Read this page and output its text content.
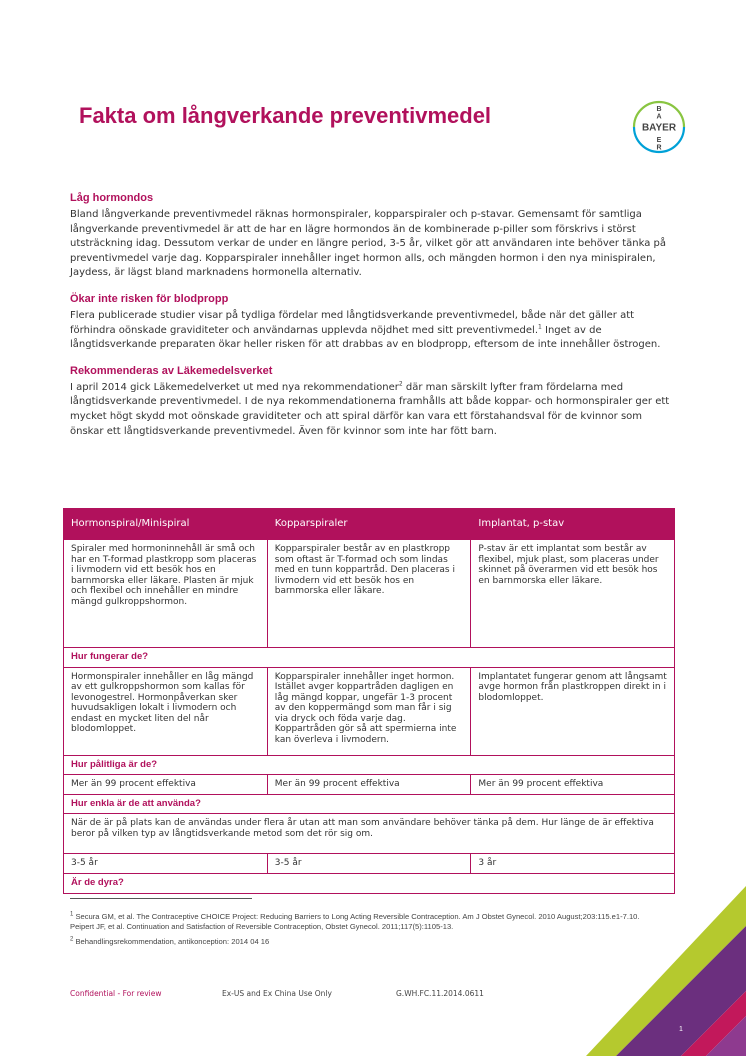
Fakta om långverkande preventivmedel	BAYER
B
A
E
R
Låg hormondos

Bland långverkande preventivmedel räknas hormonspiraler, kopparspiraler och p-stavar. Gemensamt för samtliga långverkande preventivmedel är att de har en lägre hormondos än de kombinerade p-piller som förskrivs i störst utsträckning idag. Dessutom verkar de under en längre period, 3-5 år, vilket gör att användaren inte behöver tänka på preventivmedel varje dag. Kopparspiraler innehåller inget hormon alls, och mängden hormon i den nya minispiralen, Jaydess, är lägst bland marknadens hormonella alternativ.

Ökar inte risken för blodpropp

Flera publicerade studier visar på tydliga fördelar med långtidsverkande preventivmedel, både när det gäller att förhindra oönskade graviditeter och användarnas upplevda nöjdhet med sitt preventivmedel.$^1$ Inget av de långtidsverkande preparaten ökar heller risken för att drabbas av en blodpropp, eftersom de inte innehåller östrogen.

Rekommenderas av Läkemedelsverket

I april 2014 gick Läkemedelverket ut med nya rekommendationer$^2$ där man särskilt lyfter fram fördelarna med långtidsverkande preventivmedel. I de nya rekommendationerna framhålls att både koppar- och hormonspiraler ger ett mycket högt skydd mot oönskade graviditeter och att spiral därför kan vara ett förstahandsval för de kvinnor som önskar ett långtidsverkande preventivmedel. Även för kvinnor som inte har fött barn.

Hormonspiral/Minispiral	Kopparspiraler	Implantat, p-stav
Spiraler med hormoninnehåll är små och har en T-formad plastkropp som placeras i livmodern vid ett besök hos en barnmorska eller läkare. Plasten är mjuk och flexibel och innehåller en mindre mängd gulkroppshormon.	Kopparspiraler består av en plastkropp som oftast är T-formad och som lindas med en tunn koppartråd. Den placeras i livmodern vid ett besök hos en barnmorska eller läkare.	P-stav är ett implantat som består av flexibel, mjuk plast, som placeras under skinnet på överarmen vid ett besök hos en barnmorska eller läkare.
Hur fungerar de?		
Hormonspiraler innehåller en låg mängd av ett gulkroppshormon som kallas för levonogestrel. Hormonpåverkan sker huvudsakligen lokalt i livmodern och endast en mycket liten del når blodomloppet.	Kopparspiraler innehåller inget hormon. Istället avger koppartråden dagligen en låg mängd koppar, ungefär 1-3 procent av den koppermängd som man får i sig via dryck och föda varje dag. Koppartråden gör så att spermierna inte kan överleva i livmodern.	Implantatet fungerar genom att långsamt avge hormon från plastkroppen direkt in i blodomloppet.
Hur pålitliga är de?		
Mer än 99 procent effektiva	Mer än 99 procent effektiva	Mer än 99 procent effektiva
Hur enkla är de att använda?		
När de är på plats kan de användas under flera år utan att man som användare behöver tänka på dem. Hur länge de är effektiva beror på vilken typ av långtidsverkande metod som det rör sig om.		
3-5 år	3-5 år	3 år
Är de dyra?		

$^1$ Secura GM, et al. The Contraceptive CHOICE Project: Reducing Barriers to Long Acting Reversible Contraception. Am J Obstet Gynecol. 2010 August;203:115.e1-7.10.
Peipert JF, et al. Continuation and Satisfaction of Reversible Contraception, Obstet Gynecol. 2011;117(5):1105-13.

$^2$ Behandlingsrekommendation, antikonception: 2014 04 16

Confidential - For review	Ex-US and Ex China Use Only	G.WH.FC.11.2014.0611
1
